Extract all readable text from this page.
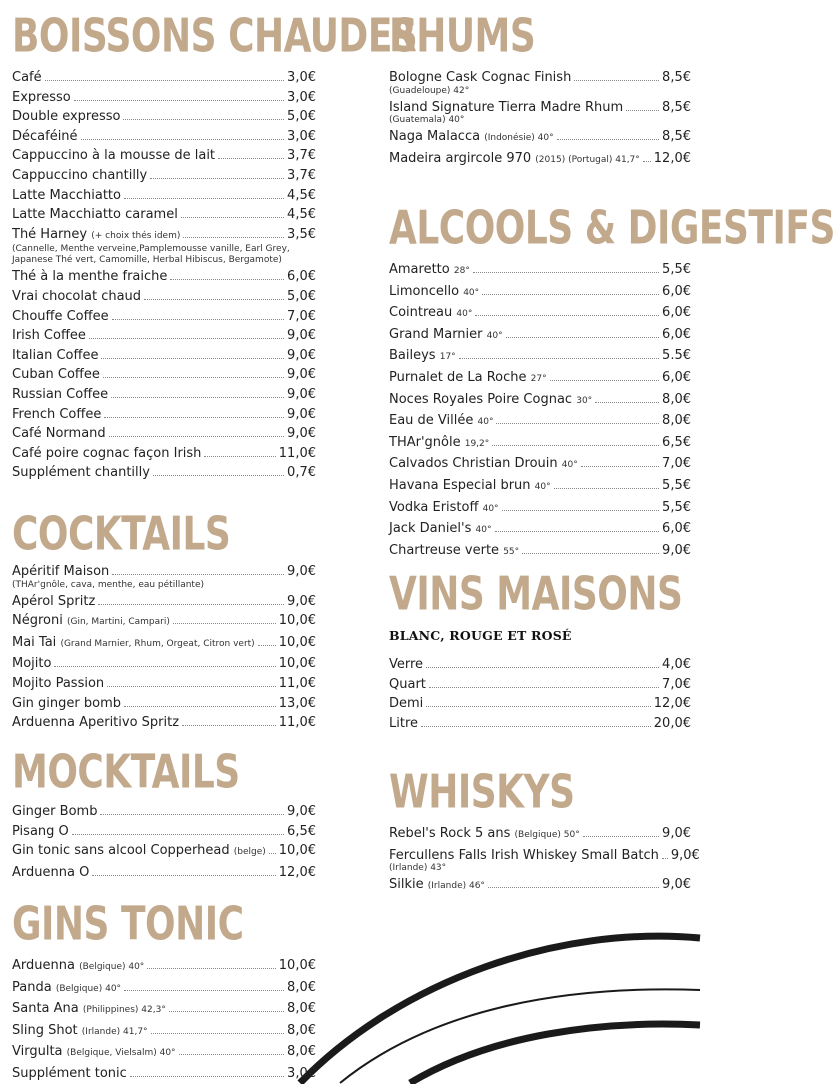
BOISSONS CHAUDES
Café	3,0€
Expresso	3,0€
Double expresso	5,0€
Décaféiné	3,0€
Cappuccino à la mousse de lait	3,7€
Cappuccino chantilly	3,7€
Latte Macchiatto	4,5€
Latte Macchiatto caramel	4,5€
Thé Harney (+ choix thés idem)	3,5€
(Cannelle, Menthe verveine,Pamplemousse vanille, Earl Grey, Japanese Thé vert, Camomille, Herbal Hibiscus, Bergamote)
Thé à la menthe fraiche	6,0€
Vrai chocolat chaud	5,0€
Chouffe Coffee	7,0€
Irish Coffee	9,0€
Italian Coffee	9,0€
Cuban Coffee	9,0€
Russian Coffee	9,0€
French Coffee	9,0€
Café Normand	9,0€
Café poire cognac façon Irish	11,0€
Supplément chantilly	0,7€
COCKTAILS
Apéritif Maison	9,0€
(THAr'gnôle, cava, menthe, eau pétillante)
Apérol Spritz	9,0€
Négroni (Gin, Martini, Campari)	10,0€
Mai Tai (Grand Marnier, Rhum, Orgeat, Citron vert) 10,0€
Mojito	10,0€
Mojito Passion	11,0€
Gin ginger bomb	13,0€
Arduenna Aperitivo Spritz	11,0€
MOCKTAILS
Ginger Bomb	9,0€
Pisang O	6,5€
Gin tonic sans alcool Copperhead (belge) 10,0€
Arduenna O	12,0€
GINS TONIC
Arduenna (Belgique) 40°	10,0€
Panda (Belgique) 40°	8,0€
Santa Ana (Philippines) 42,3°	8,0€
Sling Shot (Irlande) 41,7°	8,0€
Virgulta (Belgique, Vielsalm) 40°	8,0€
Supplément tonic	3,0€
RHUMS
Bologne Cask Cognac Finish	8,5€
(Guadeloupe) 42°
Island Signature Tierra Madre Rhum	8,5€
(Guatemala) 40°
Naga Malacca (Indonésie) 40°	8,5€
Madeira argircole 970 (2015) (Portugal) 41,7° 12,0€
ALCOOLS & DIGESTIFS
Amaretto 28°	5,5€
Limoncello 40°	6,0€
Cointreau 40°	6,0€
Grand Marnier 40°	6,0€
Baileys 17°	5.5€
Purnalet de La Roche 27°	6,0€
Noces Royales Poire Cognac 30°	8,0€
Eau de Villée 40°	8,0€
THAr'gnôle 19,2°	6,5€
Calvados Christian Drouin 40°	7,0€
Havana Especial brun 40°	5,5€
Vodka Eristoff 40°	5,5€
Jack Daniel's 40°	6,0€
Chartreuse verte 55°	9,0€
VINS MAISONS
BLANC, ROUGE ET ROSÉ
Verre	4,0€
Quart	7,0€
Demi	12,0€
Litre	20,0€
WHISKYS
Rebel's Rock 5 ans (Belgique) 50°	9,0€
Fercullens Falls Irish Whiskey Small Batch 9,0€
(Irlande) 43°
Silkie (Irlande) 46°	9,0€
